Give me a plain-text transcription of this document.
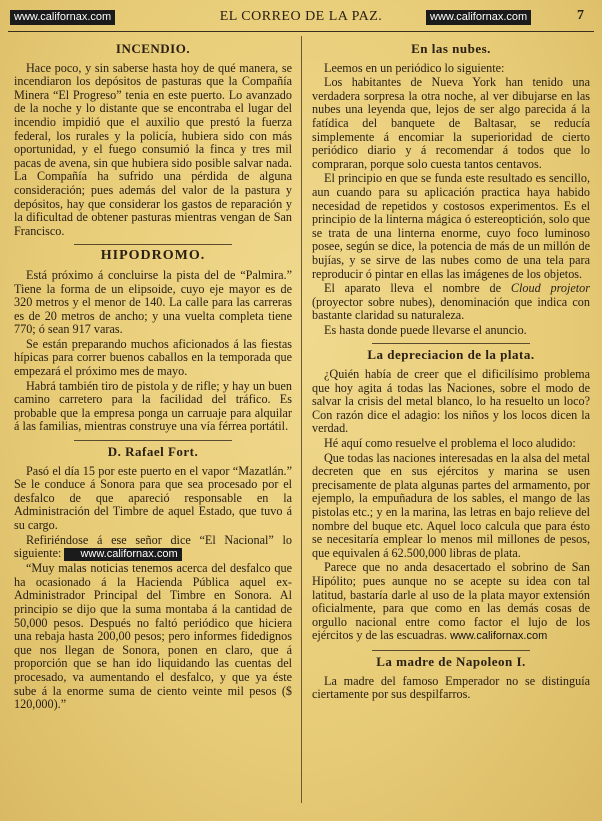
www.californax.com	EL CORREO DE LA PAZ.	www.californax.com	7
INCENDIO.

Hace poco, y sin saberse hasta hoy de qué manera, se incendiaron los depósitos de pasturas que la Compañía Minera “El Progreso” tenia en este puerto. Lo avanzado de la noche y lo distante que se encontraba el lugar del incendio impidió que el auxilio que prestó la fuerza federal, los rurales y la policía, hubiera sido con más oportunidad, y el fuego consumió la finca y tres mil pacas de avena, sin que hubiera sido posible salvar nada. La Compañía ha sufrido una pérdida de alguna consideración; pues además del valor de la pastura y depósitos, hay que considerar los gastos de reparación y la dificultad de obtener pasturas mientras vengan de San Francisco.

HIPODROMO.

Está próximo á concluirse la pista del de “Palmira.” Tiene la forma de un elipsoide, cuyo eje mayor es de 320 metros y el menor de 140. La calle para las carreras es de 20 metros de ancho; y una vuelta completa tiene 770; ó sean 917 varas.

Se están preparando muchos aficionados á las fiestas hípicas para correr buenos caballos en la temporada que empezará el próximo mes de mayo.

Habrá también tiro de pistola y de rifle; y hay un buen camino carretero para la facilidad del tráfico. Es probable que la empresa ponga un carruaje para alquilar á las familias, mientras construye una vía férrea portátil.

D. Rafael Fort.

Pasó el día 15 por este puerto en el vapor “Mazatlán.” Se le conduce á Sonora para que sea procesado por el desfalco de que apareció responsable en la Administración del Timbre de aquel Estado, que tuvo á su cargo.

Refiriéndose á ese señor dice “El Nacional” lo siguiente: www.californax.com

“Muy malas noticias tenemos acerca del desfalco que ha ocasionado á la Hacienda Pública aquel ex-Administrador Principal del Timbre en Sonora. Al principio se dijo que la suma montaba á la cantidad de 50,000 pesos. Después no faltó periódico que hiciera una rebaja hasta 200,00 pesos; pero informes fidedignos que nos llegan de Sonora, ponen en claro, que á proporción que se han ido liquidando las cuentas del procesado, va aumentando el desfalco, y que ya éste sube á la enorme suma de ciento veinte mil pesos ($ 120,000).”

En las nubes.

Leemos en un periódico lo siguiente:

Los habitantes de Nueva York han tenido una verdadera sorpresa la otra noche, al ver dibujarse en las nubes una leyenda que, lejos de ser algo parecida á la fatídica del banquete de Baltasar, se reducía simplemente á encomiar la superioridad de cierto periódico diario y á recomendar á todos que lo compraran, porque solo cuesta tantos centavos.

El principio en que se funda este resultado es sencillo, aun cuando para su aplicación practica haya habido necesidad de repetidos y costosos experimentos. Es el principio de la linterna mágica ó estereoptición, solo que se trata de una linterna enorme, cuyo foco luminoso posee, según se dice, la potencia de más de un millón de bujías, y se sirve de las nubes como de una tela para reproducir ó pintar en ellas las imágenes de los objetos.

El aparato lleva el nombre de Cloud projetor (proyector sobre nubes), denominación que indica con bastante claridad su naturaleza.

Es hasta donde puede llevarse el anuncio.

La depreciacion de la plata.

¿Quién había de creer que el dificilísimo problema que hoy agita á todas las Naciones, sobre el modo de salvar la crisis del metal blanco, lo ha resuelto un loco? Con razón dice el adagio: los niños y los locos dicen la verdad.

Hé aquí como resuelve el problema el loco aludido:

Que todas las naciones interesadas en la alsa del metal decreten que en sus ejércitos y marina se usen precisamente de plata algunas partes del armamento, por ejemplo, la empuñadura de los sables, el mango de las pistolas etc.; y en la marina, las letras en bajo relieve del nombre del buque etc. Aquel loco calcula que para ésto se necesitaría emplear lo menos mil millones de pesos, que equivalen á 62.500,000 libras de plata.

Parece que no anda desacertado el sobrino de San Hipólito; pues aunque no se acepte su idea con tal latitud, bastaría darle al uso de la plata mayor extensión oficialmente, para que como en las demás cosas de orgullo nacional entre como factor el lujo de los ejércitos y de las escuadras. www.californax.com

La madre de Napoleon I.

La madre del famoso Emperador no se distinguía ciertamente por sus despilfarros.
